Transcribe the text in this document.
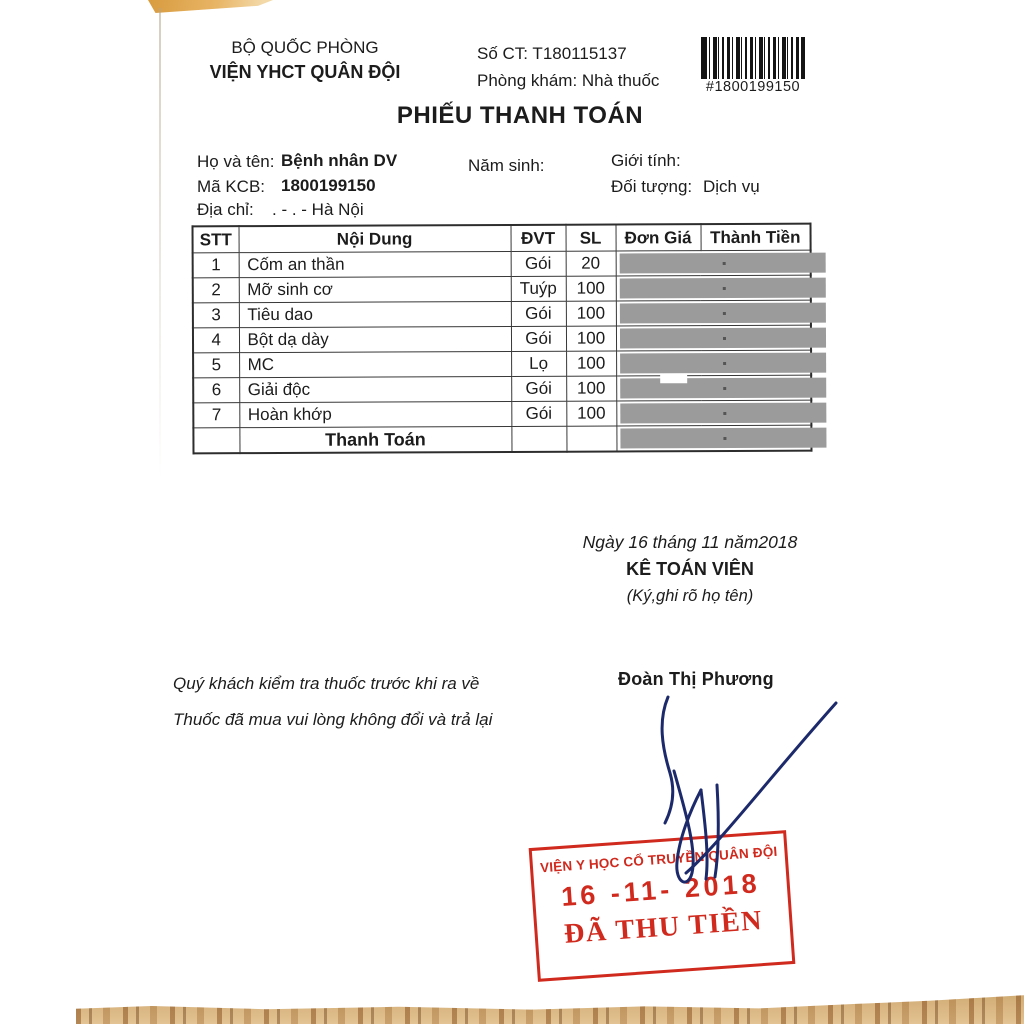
BỘ QUỐC PHÒNG
VIỆN YHCT QUÂN ĐỘI
Số CT: T180115137
Phòng khám: Nhà thuốc	#1800199150
PHIẾU THANH TOÁN
Họ và tên: Bệnh nhân DV	Năm sinh:	Giới tính:
Mã KCB: 1800199150	Đối tượng: Dịch vụ
Địa chỉ: . - . - Hà Nội
STT	Nội Dung	ĐVT	SL	Đơn Giá	Thành Tiền
1	Cốm an thần	Gói	20		

2	Mỡ sinh cơ	Tuýp	100		

3	Tiêu dao	Gói	100		

4	Bột dạ dày	Gói	100		

5	MC	Lọ	100		

6	Giải độc	Gói	100		

7	Hoàn khớp	Gói	100		

	Thanh Toán				
Ngày 16 tháng 11 năm2018
KÊ TOÁN VIÊN
(Ký,ghi rõ họ tên)
Quý khách kiểm tra thuốc trước khi ra về
Thuốc đã mua vui lòng không đổi và trả lại
Đoàn Thị Phương
VIỆN Y HỌC CỔ TRUYỀN QUÂN ĐỘI
16 -11- 2018
ĐÃ THU TIỀN
